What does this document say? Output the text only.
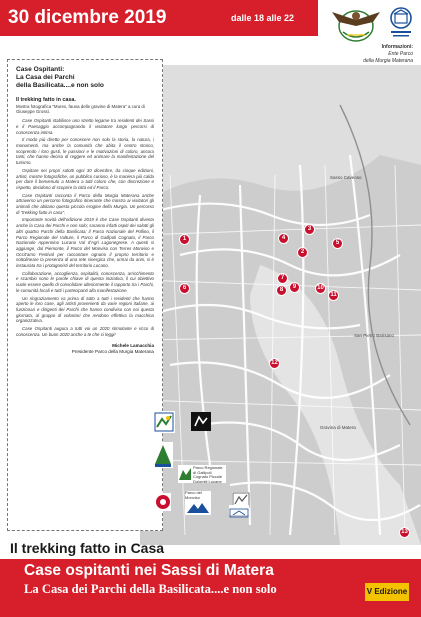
30 dicembre 2019	dalle 18 alle 22
Informazioni:
Ente Parco
della Murgia Materana
1
2
3
4
5
6
7
8	9	10
11
12
13
Sasso Caveoso
San Pietro Barisano
Gravina di Matera
Case Ospitanti:
La Casa dei Parchi
della Basilicata....e non solo
Il trekking fatto in casa.
Mostra fotografica "Murex, fauna delle gravine di Matera" a cura di Giuseppe Grossi.
Case Ospitanti stabilisce uno stretto legame tra residenti dei Sassi e il Paesaggio accompagnando il visitatore lungo percorsi di conoscenza intima.
Il modo più diretto per conoscere non solo la storia, la natura, i monumenti, ma anche la comunità che abita il centro storico, scoprendo i loro gusti, le passioni e le motivazioni di coloro, ancora tanti, che hanno deciso di reggere ed animare la manifestazione del turismo.
Ospitare nei propri salotti ogni 30 dicembre, da cinque edizioni, artisti, mostre fotografiche, un pubblico curioso, è la maniera più calda per dare il benvenuto a Matera a tutti coloro che, con discrezione e rispetto, decidono di scoprire la città ed il Parco.
Case Ospitanti racconta il Parco della Murgia Materana anche attraverso un percorso fotografico itinerante che mostra ai visitatori gli animali che abitano questa piccola erogine della Murgia. Un percorso di "trekking fatto in casa".
Importante novità dell'edizione 2019 è che Case Ospitanti diventa anche la Casa dei Parchi e non solo; saranno infatti ospiti dei salotti gli altri quattro Parchi della Basilicata: il Parco Nazionale del Pollino, il Parco Regionale del Vulture, il Parco di Gallipoli Cognato, il Parco Nazionale Appennino Lucano Val d'Agri Lagonegrese. A questi si aggiunge, dal Piemonte, il Parco del Monviso con Terres Monviso e Occit'amo Festival per raccontare ognuno il proprio territorio e sottolineare la presenza di una rete sinergica che, ormai da anni, si è instaurata tra i protagonisti del territorio Lucano.
Collaborazione, accoglienza, ospitalità, conoscenza, arricchimento e scambio sono le parole chiave di questa iniziativa, il cui obiettivo vuole essere quello di consolidare ulteriormente il rapporto tra i Parchi, le comunità locali e tutti i partecipanti alla manifestazione.
Un ringraziamento va prima di tutto a tutti i residenti che hanno aperto le loro case, agli artisti provenienti da varie regioni italiane, ai funzionari e dirigenti dei Parchi che hanno condiviso con noi questa giornata, al gruppo di volontari che rendono effettiva la macchina organizzativa.
Case Ospitanti augura a tutti voi un 2020 stimolante e ricco di conoscenza. Un buon 2020 anche a te che ci leggi!
Michele Lamacchia
Presidente Parco della Murgia Materana
Parco Regionale di Gallipoli Cognato Piccole Dolomiti Lucane
Parco del Monviso
Il trekking fatto in Casa
Case ospitanti nei Sassi di Matera
La Casa dei Parchi della Basilicata....e non solo	V Edizione
